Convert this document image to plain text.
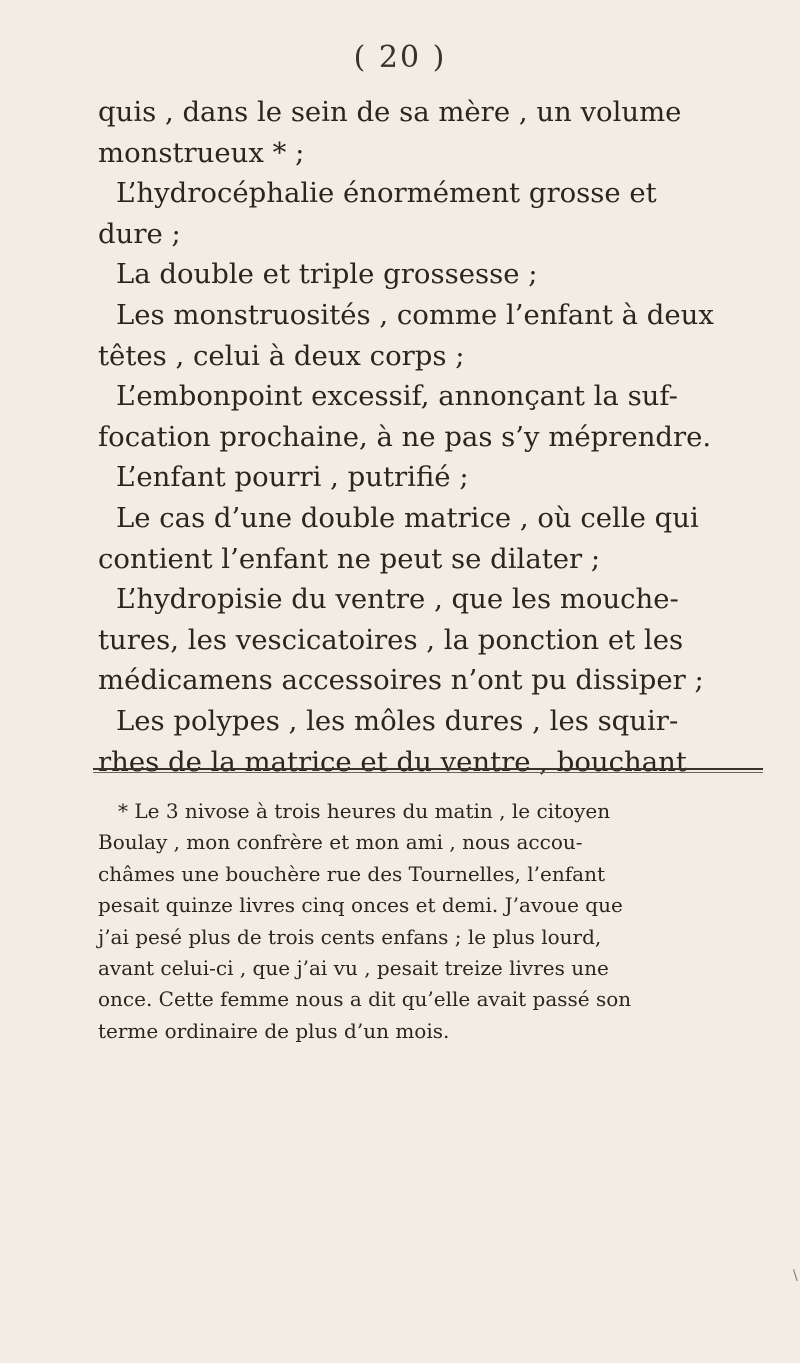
( 20 )
quis , dans le sein de sa mère , un volume
monstrueux * ;
L’hydrocéphalie énormément grosse et
dure ;
La double et triple grossesse ;
Les monstruosités , comme l’enfant à deux
têtes , celui à deux corps ;
L’embonpoint excessif, annonçant la suf-
focation prochaine, à ne pas s’y méprendre.
L’enfant pourri , putrifié ;
Le cas d’une double matrice , où celle qui
contient l’enfant ne peut se dilater ;
L’hydropisie du ventre , que les mouche-
tures, les vescicatoires , la ponction et les
médicamens accessoires n’ont pu dissiper ;
Les polypes , les môles dures , les squir-
rhes de la matrice et du ventre , bouchant
* Le 3 nivose à trois heures du matin , le citoyen
Boulay , mon confrère et mon ami , nous accou-
châmes une bouchère rue des Tournelles, l’enfant
pesait quinze livres cinq onces et demi. J’avoue que
j’ai pesé plus de trois cents enfans ; le plus lourd,
avant celui-ci , que j’ai vu , pesait treize livres une
once. Cette femme nous a dit qu’elle avait passé son
terme ordinaire de plus d’un mois.
\
